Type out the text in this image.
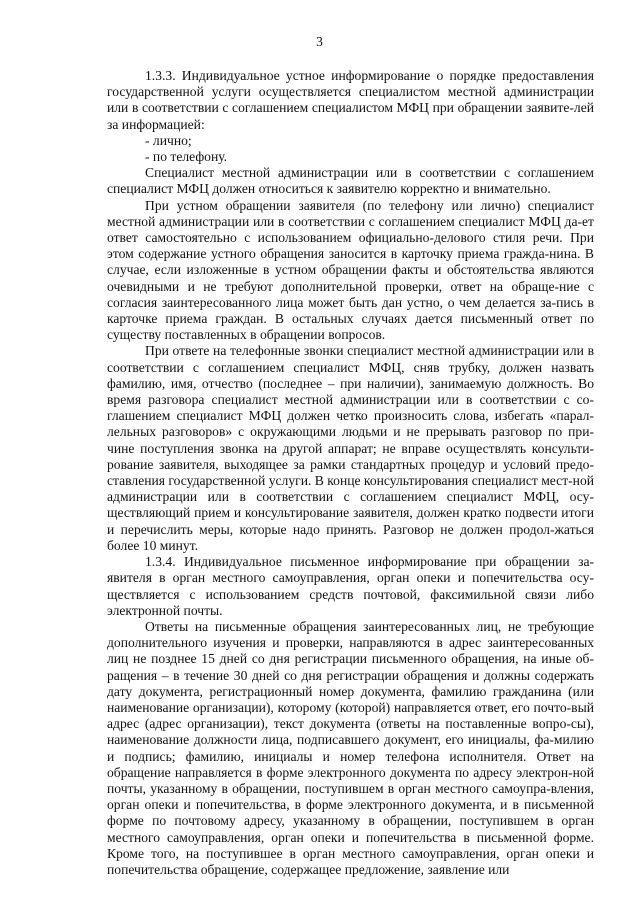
3

1.3.3. Индивидуальное устное информирование о порядке предоставления государственной услуги осуществляется специалистом местной администрации или в соответствии с соглашением специалистом МФЦ при обращении заявите-лей за информацией:

- лично;

- по телефону.

Специалист местной администрации или в соответствии с соглашением специалист МФЦ должен относиться к заявителю корректно и внимательно.

При устном обращении заявителя (по телефону или лично) специалист местной администрации или в соответствии с соглашением специалист МФЦ да-ет ответ самостоятельно с использованием официально-делового стиля речи. При этом содержание устного обращения заносится в карточку приема гражда-нина. В случае, если изложенные в устном обращении факты и обстоятельства являются очевидными и не требуют дополнительной проверки, ответ на обраще-ние с согласия заинтересованного лица может быть дан устно, о чем делается за-пись в карточке приема граждан. В остальных случаях дается письменный ответ по существу поставленных в обращении вопросов.

При ответе на телефонные звонки специалист местной администрации или в соответствии с соглашением специалист МФЦ, сняв трубку, должен назвать фамилию, имя, отчество (последнее – при наличии), занимаемую должность. Во время разговора специалист местной администрации или в соответствии с со-глашением специалист МФЦ должен четко произносить слова, избегать «парал-лельных разговоров» с окружающими людьми и не прерывать разговор по при-чине поступления звонка на другой аппарат; не вправе осуществлять консульти-рование заявителя, выходящее за рамки стандартных процедур и условий предо-ставления государственной услуги. В конце консультирования специалист мест-ной администрации или в соответствии с соглашением специалист МФЦ, осу-ществляющий прием и консультирование заявителя, должен кратко подвести итоги и перечислить меры, которые надо принять. Разговор не должен продол-жаться более 10 минут.

1.3.4. Индивидуальное письменное информирование при обращении за-явителя в орган местного самоуправления, орган опеки и попечительства осу-ществляется с использованием средств почтовой, факсимильной связи либо электронной почты.

Ответы на письменные обращения заинтересованных лиц, не требующие дополнительного изучения и проверки, направляются в адрес заинтересованных лиц не позднее 15 дней со дня регистрации письменного обращения, на иные об-ращения – в течение 30 дней со дня регистрации обращения и должны содержать дату документа, регистрационный номер документа, фамилию гражданина (или наименование организации), которому (которой) направляется ответ, его почто-вый адрес (адрес организации), текст документа (ответы на поставленные вопро-сы), наименование должности лица, подписавшего документ, его инициалы, фа-милию и подпись; фамилию, инициалы и номер телефона исполнителя. Ответ на обращение направляется в форме электронного документа по адресу электрон-ной почты, указанному в обращении, поступившем в орган местного самоупра-вления, орган опеки и попечительства, в форме электронного документа, и в письменной форме по почтовому адресу, указанному в обращении, поступившем в орган местного самоуправления, орган опеки и попечительства в письменной форме. Кроме того, на поступившее в орган местного самоуправления, орган опеки и попечительства обращение, содержащее предложение, заявление или
